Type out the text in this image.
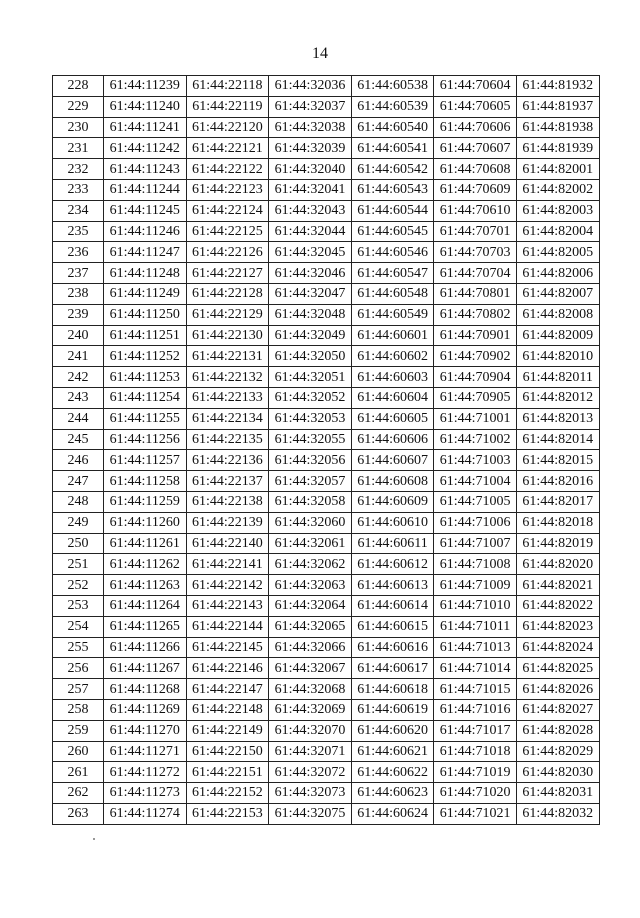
14
228	61:44:11239	61:44:22118	61:44:32036	61:44:60538	61:44:70604	61:44:81932
229	61:44:11240	61:44:22119	61:44:32037	61:44:60539	61:44:70605	61:44:81937
230	61:44:11241	61:44:22120	61:44:32038	61:44:60540	61:44:70606	61:44:81938
231	61:44:11242	61:44:22121	61:44:32039	61:44:60541	61:44:70607	61:44:81939
232	61:44:11243	61:44:22122	61:44:32040	61:44:60542	61:44:70608	61:44:82001
233	61:44:11244	61:44:22123	61:44:32041	61:44:60543	61:44:70609	61:44:82002
234	61:44:11245	61:44:22124	61:44:32043	61:44:60544	61:44:70610	61:44:82003
235	61:44:11246	61:44:22125	61:44:32044	61:44:60545	61:44:70701	61:44:82004
236	61:44:11247	61:44:22126	61:44:32045	61:44:60546	61:44:70703	61:44:82005
237	61:44:11248	61:44:22127	61:44:32046	61:44:60547	61:44:70704	61:44:82006
238	61:44:11249	61:44:22128	61:44:32047	61:44:60548	61:44:70801	61:44:82007
239	61:44:11250	61:44:22129	61:44:32048	61:44:60549	61:44:70802	61:44:82008
240	61:44:11251	61:44:22130	61:44:32049	61:44:60601	61:44:70901	61:44:82009
241	61:44:11252	61:44:22131	61:44:32050	61:44:60602	61:44:70902	61:44:82010
242	61:44:11253	61:44:22132	61:44:32051	61:44:60603	61:44:70904	61:44:82011
243	61:44:11254	61:44:22133	61:44:32052	61:44:60604	61:44:70905	61:44:82012
244	61:44:11255	61:44:22134	61:44:32053	61:44:60605	61:44:71001	61:44:82013
245	61:44:11256	61:44:22135	61:44:32055	61:44:60606	61:44:71002	61:44:82014
246	61:44:11257	61:44:22136	61:44:32056	61:44:60607	61:44:71003	61:44:82015
247	61:44:11258	61:44:22137	61:44:32057	61:44:60608	61:44:71004	61:44:82016
248	61:44:11259	61:44:22138	61:44:32058	61:44:60609	61:44:71005	61:44:82017
249	61:44:11260	61:44:22139	61:44:32060	61:44:60610	61:44:71006	61:44:82018
250	61:44:11261	61:44:22140	61:44:32061	61:44:60611	61:44:71007	61:44:82019
251	61:44:11262	61:44:22141	61:44:32062	61:44:60612	61:44:71008	61:44:82020
252	61:44:11263	61:44:22142	61:44:32063	61:44:60613	61:44:71009	61:44:82021
253	61:44:11264	61:44:22143	61:44:32064	61:44:60614	61:44:71010	61:44:82022
254	61:44:11265	61:44:22144	61:44:32065	61:44:60615	61:44:71011	61:44:82023
255	61:44:11266	61:44:22145	61:44:32066	61:44:60616	61:44:71013	61:44:82024
256	61:44:11267	61:44:22146	61:44:32067	61:44:60617	61:44:71014	61:44:82025
257	61:44:11268	61:44:22147	61:44:32068	61:44:60618	61:44:71015	61:44:82026
258	61:44:11269	61:44:22148	61:44:32069	61:44:60619	61:44:71016	61:44:82027
259	61:44:11270	61:44:22149	61:44:32070	61:44:60620	61:44:71017	61:44:82028
260	61:44:11271	61:44:22150	61:44:32071	61:44:60621	61:44:71018	61:44:82029
261	61:44:11272	61:44:22151	61:44:32072	61:44:60622	61:44:71019	61:44:82030
262	61:44:11273	61:44:22152	61:44:32073	61:44:60623	61:44:71020	61:44:82031
263	61:44:11274	61:44:22153	61:44:32075	61:44:60624	61:44:71021	61:44:82032
